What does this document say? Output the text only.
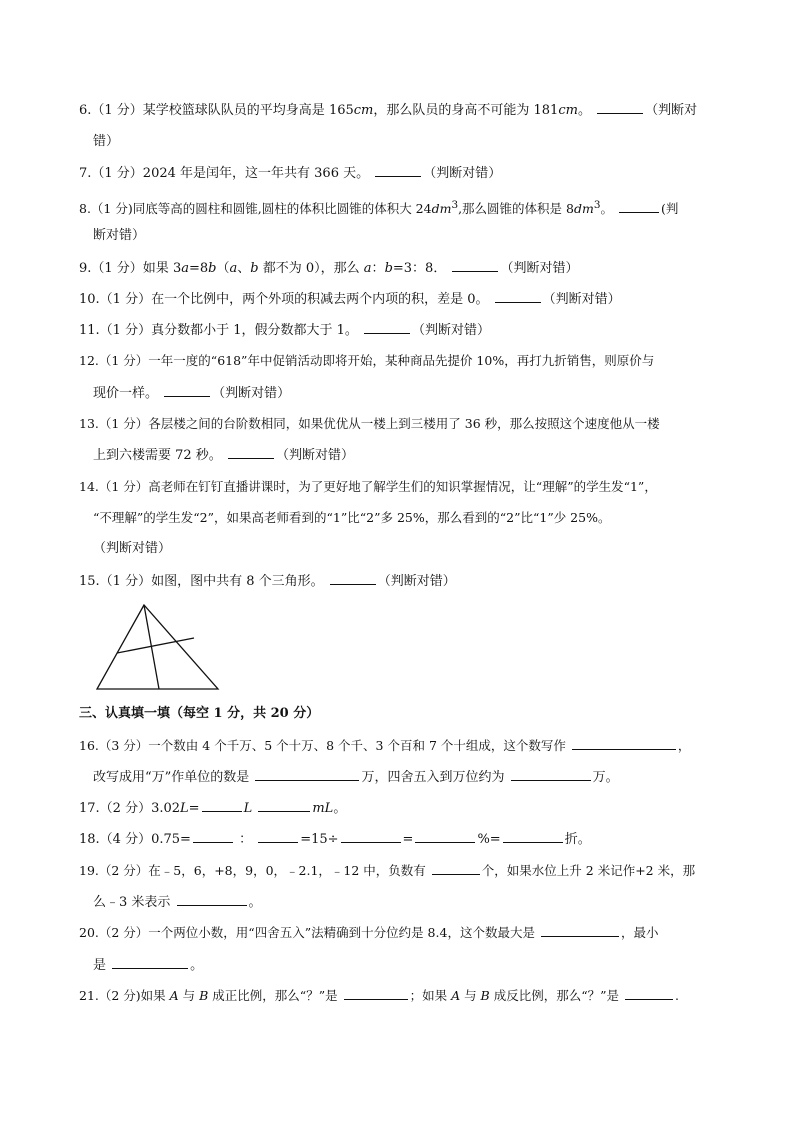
6.（1 分）某学校篮球队队员的平均身高是 165cm，那么队员的身高不可能为 181cm。	（判断对
错）
7.（1 分）2024 年是闰年，这一年共有 366 天。	（判断对错）
8.（1 分)同底等高的圆柱和圆锥,圆柱的体积比圆锥的体积大 $24dm^3$,那么圆锥的体积是 $8dm^3$。	(判
断对错）
9.（1 分）如果 3a=8b（a、b 都不为 0），那么 a：b=3：8．	（判断对错）
10.（1 分）在一个比例中，两个外项的积减去两个内项的积，差是 0。	（判断对错）
11.（1 分）真分数都小于 1，假分数都大于 1。	（判断对错）
12.（1 分）一年一度的“618”年中促销活动即将开始，某种商品先提价 10%，再打九折销售，则原价与
现价一样。	（判断对错）
13.（1 分）各层楼之间的台阶数相同，如果优优从一楼上到三楼用了 36 秒，那么按照这个速度他从一楼
上到六楼需要 72 秒。	（判断对错）
14.（1 分）高老师在钉钉直播讲课时，为了更好地了解学生们的知识掌握情况，让“理解”的学生发“1”，
“不理解”的学生发“2”，如果高老师看到的“1”比“2”多 25%，那么看到的“2”比“1”少 25%。
（判断对错）
15.（1 分）如图，图中共有 8 个三角形。	（判断对错）
三、认真填一填（每空 1 分，共 20 分）
16.（3 分）一个数由 4 个千万、5 个十万、8 个千、3 个百和 7 个十组成，这个数写作	，
改写成用“万”作单位的数是	万，四舍五入到万位约为	万。
17.（2 分）3.02L=	L	mL。
18.（4 分）0.75=	：	=15÷	=	%=	折。
19.（2 分）在﹣5，6，+8，9，0，﹣2.1，﹣12 中，负数有	个，如果水位上升 2 米记作+2 米，那
么﹣3 米表示	。
20.（2 分）一个两位小数，用“四舍五入”法精确到十分位约是 8.4，这个数最大是	，最小
是	。
21.（2 分)如果 A 与 B 成正比例，那么“？”是	；如果 A 与 B 成反比例，那么“？”是	.
